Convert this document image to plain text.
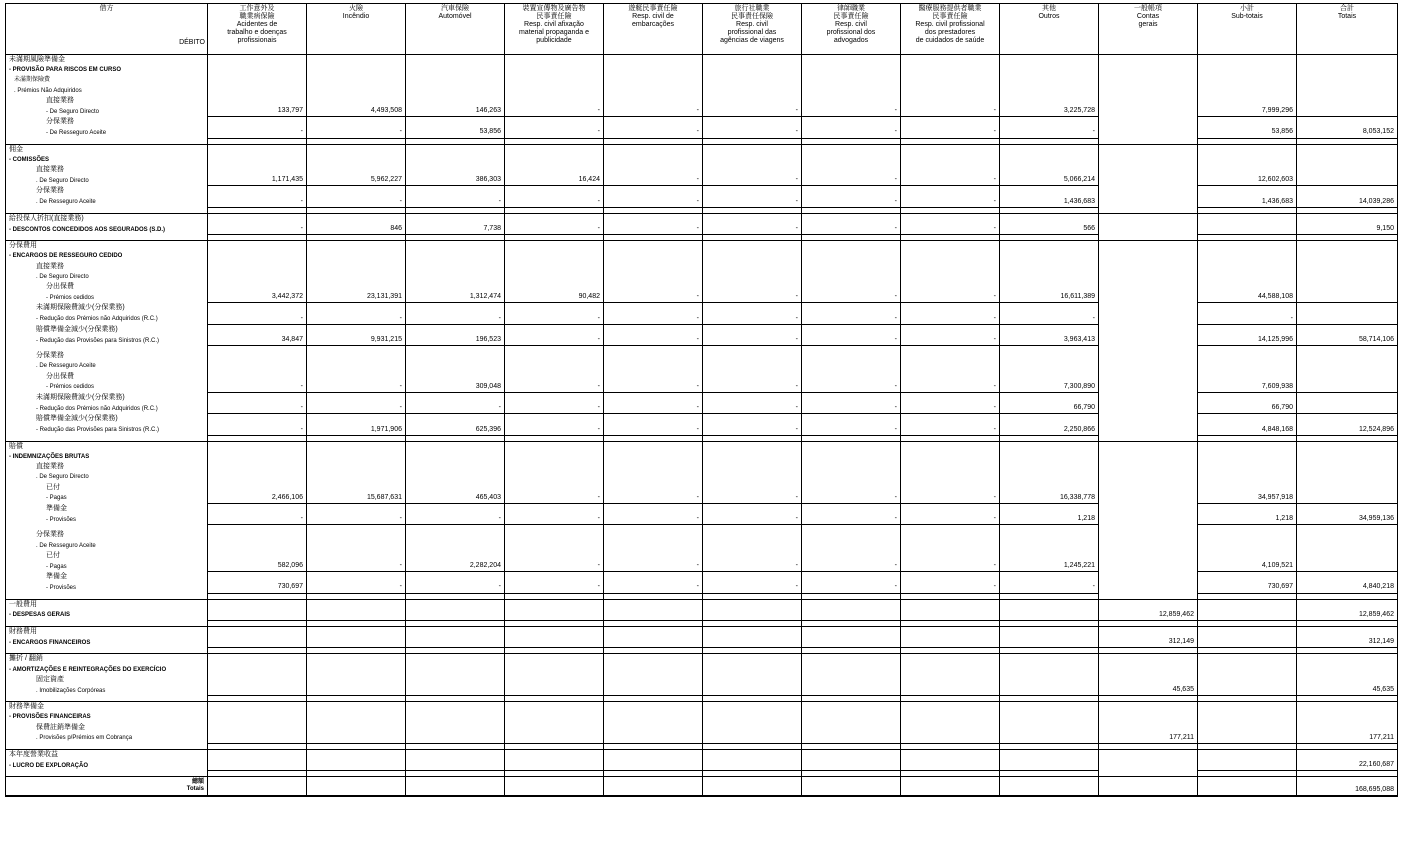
借方
DÉBITO	工作意外及
職業病保險
Acidentes de
trabalho e doenças
profissionais	火險
Incêndio	汽車保險
Automóvel	裝置宣傳物及廣告物
民事責任險
Resp. civil afixação
material propaganda e
publicidade	遊艇民事責任險
Resp. civil de
embarcações	旅行社職業
民事責任保險
Resp. civil
profissional das
agências de viagens	律師職業
民事責任險
Resp. civil
profissional dos
advogados	醫療服務提供者職業
民事責任險
Resp. civil profissional
dos prestadores
de cuidados de saúde	其他
Outros	一般帳項
Contas
gerais	小計
Sub-totais	合計
Totais

未滿期風險準備金												
- PROVISÃO PARA RISCOS EM CURSO												
未滿期保險費												
. Prémios Não Adquiridos												
直接業務												
- De Seguro Directo	133,797	4,493,508	146,263	-	-	-	-	-	3,225,728		7,999,296	
分保業務												
- De Resseguro Aceite	-	-	53,856	-	-	-	-	-	-		53,856	8,053,152

佣金												
- COMISSÕES												
直接業務												
. De Seguro Directo	1,171,435	5,962,227	386,303	16,424	-	-	-	-	5,066,214		12,602,603	
分保業務												
. De Resseguro Aceite	-	-	-	-	-	-	-	-	1,436,683		1,436,683	14,039,286

給投保人折扣(直接業務)												
- DESCONTOS CONCEDIDOS AOS SEGURADOS (S.D.)	-	846	7,738	-	-	-	-	-	566			9,150

分保費用												
- ENCARGOS DE RESSEGURO CEDIDO												
直接業務												
. De Seguro Directo												
分出保費												
- Prémios cedidos	3,442,372	23,131,391	1,312,474	90,482	-	-	-	-	16,611,389		44,588,108	
未滿期保險費減少(分保業務)												
- Redução dos Prémios não Adquiridos (R.C.)	-	-	-	-	-	-	-	-	-		-	
賠償準備金減少(分保業務)												
- Redução das Provisões para Sinistros (R.C.)	34,847	9,931,215	196,523	-	-	-	-	-	3,963,413		14,125,996	58,714,106

分保業務												
. De Resseguro Aceite												
分出保費												
- Prémios cedidos	-	-	309,048	-	-	-	-	-	7,300,890		7,609,938	
未滿期保險費減少(分保業務)												
- Redução dos Prémios não Adquiridos (R.C.)	-	-	-	-	-	-	-	-	66,790		66,790	
賠償準備金減少(分保業務)												
- Redução das Provisões para Sinistros (R.C.)	-	1,971,906	625,396	-	-	-	-	-	2,250,866		4,848,168	12,524,896

賠償												
- INDEMNIZAÇÕES BRUTAS												
直接業務												
. De Seguro Directo												
已付												
- Pagas	2,466,106	15,687,631	465,403	-	-	-	-	-	16,338,778		34,957,918	
準備金												
- Provisões	-	-	-	-	-	-	-	-	1,218		1,218	34,959,136

分保業務												
. De Resseguro Aceite												
已付												
- Pagas	582,096	-	2,282,204	-	-	-	-	-	1,245,221		4,109,521	
準備金												
- Provisões	730,697	-	-	-	-	-	-	-	-		730,697	4,840,218

一般費用												
- DESPESAS GERAIS										12,859,462		12,859,462

財務費用												
- ENCARGOS FINANCEIROS										312,149		312,149

攤折 / 翻銷												
- AMORTIZAÇÕES E REINTEGRAÇÕES DO EXERCÍCIO												
固定資產												
. Imobilizações Corpóreas										45,635		45,635

財務準備金												
- PROVISÕES FINANCEIRAS												
保費註銷準備金												
. Provisões p/Prémios em Cobrança										177,211		177,211

本年度營業收益												
- LUCRO DE EXPLORAÇÃO												22,160,687

總額
Totais												168,695,088
